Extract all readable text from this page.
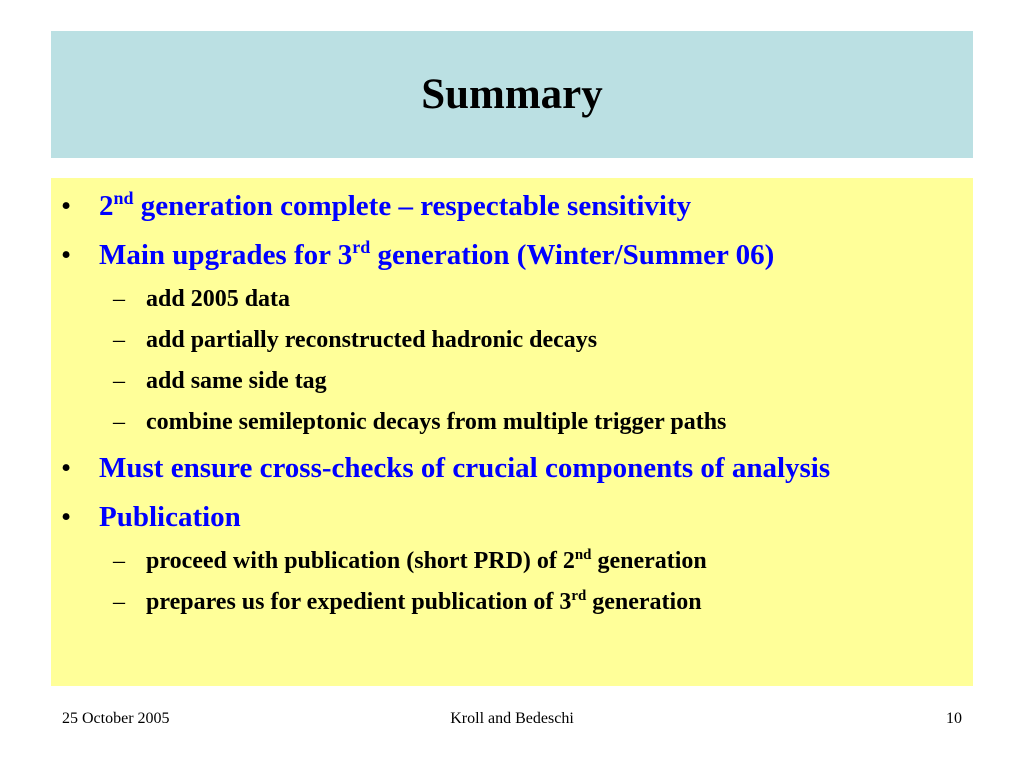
Summary
• 2nd generation complete – respectable sensitivity
• Main upgrades for 3rd generation (Winter/Summer 06)
– add 2005 data
– add partially reconstructed hadronic decays
– add same side tag
– combine semileptonic decays from multiple trigger paths
• Must ensure cross-checks of crucial components of analysis
• Publication
– proceed with publication (short PRD) of 2nd generation
– prepares us for expedient publication of 3rd generation
25 October 2005	Kroll and Bedeschi	10
